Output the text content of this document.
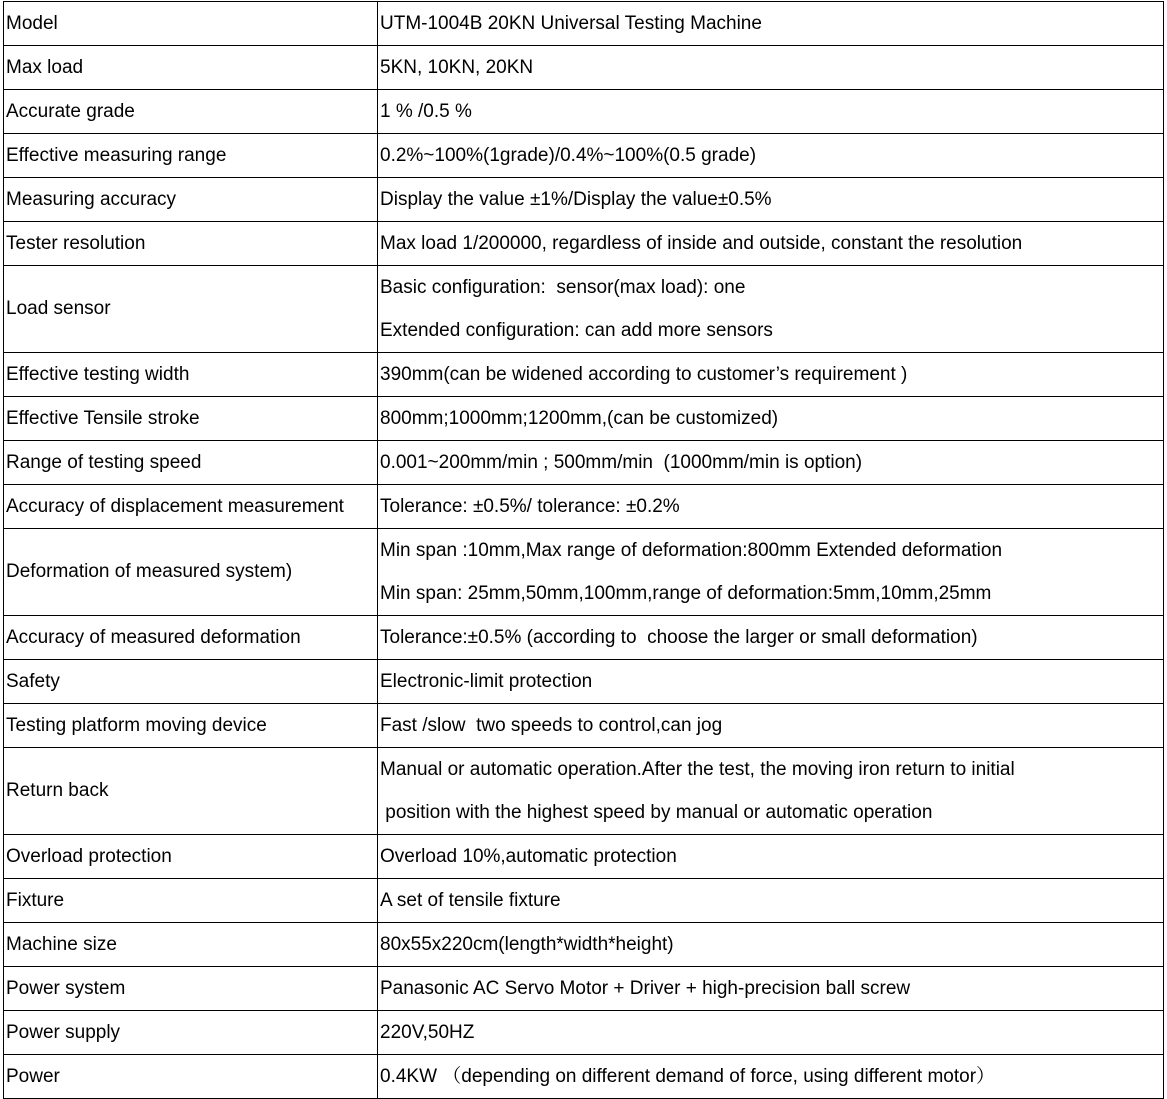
Model	UTM-1004B 20KN Universal Testing Machine

Max load	5KN, 10KN, 20KN

Accurate grade	1 % /0.5 %

Effective measuring range	0.2%~100%(1grade)/0.4%~100%(0.5 grade)

Measuring accuracy	Display the value ±1%/Display the value±0.5%

Tester resolution	Max load 1/200000, regardless of inside and outside, constant the resolution

Load sensor	Basic configuration:  sensor(max load): one
Extended configuration: can add more sensors

Effective testing width	390mm(can be widened according to customer’s requirement )

Effective Tensile stroke	800mm;1000mm;1200mm,(can be customized)

Range of testing speed	0.001~200mm/min ; 500mm/min  (1000mm/min is option)

Accuracy of displacement measurement	Tolerance: ±0.5%/ tolerance: ±0.2%

Deformation of measured system)	Min span :10mm,Max range of deformation:800mm Extended deformation
Min span: 25mm,50mm,100mm,range of deformation:5mm,10mm,25mm

Accuracy of measured deformation	Tolerance:±0.5% (according to  choose the larger or small deformation)

Safety	Electronic-limit protection

Testing platform moving device	Fast /slow  two speeds to control,can jog

Return back	Manual or automatic operation.After the test, the moving iron return to initial
position with the highest speed by manual or automatic operation

Overload protection	Overload 10%,automatic protection

Fixture	A set of tensile fixture

Machine size	80x55x220cm(length*width*height)

Power system	Panasonic AC Servo Motor + Driver + high-precision ball screw

Power supply	220V,50HZ

Power	0.4KW （depending on different demand of force, using different motor）
